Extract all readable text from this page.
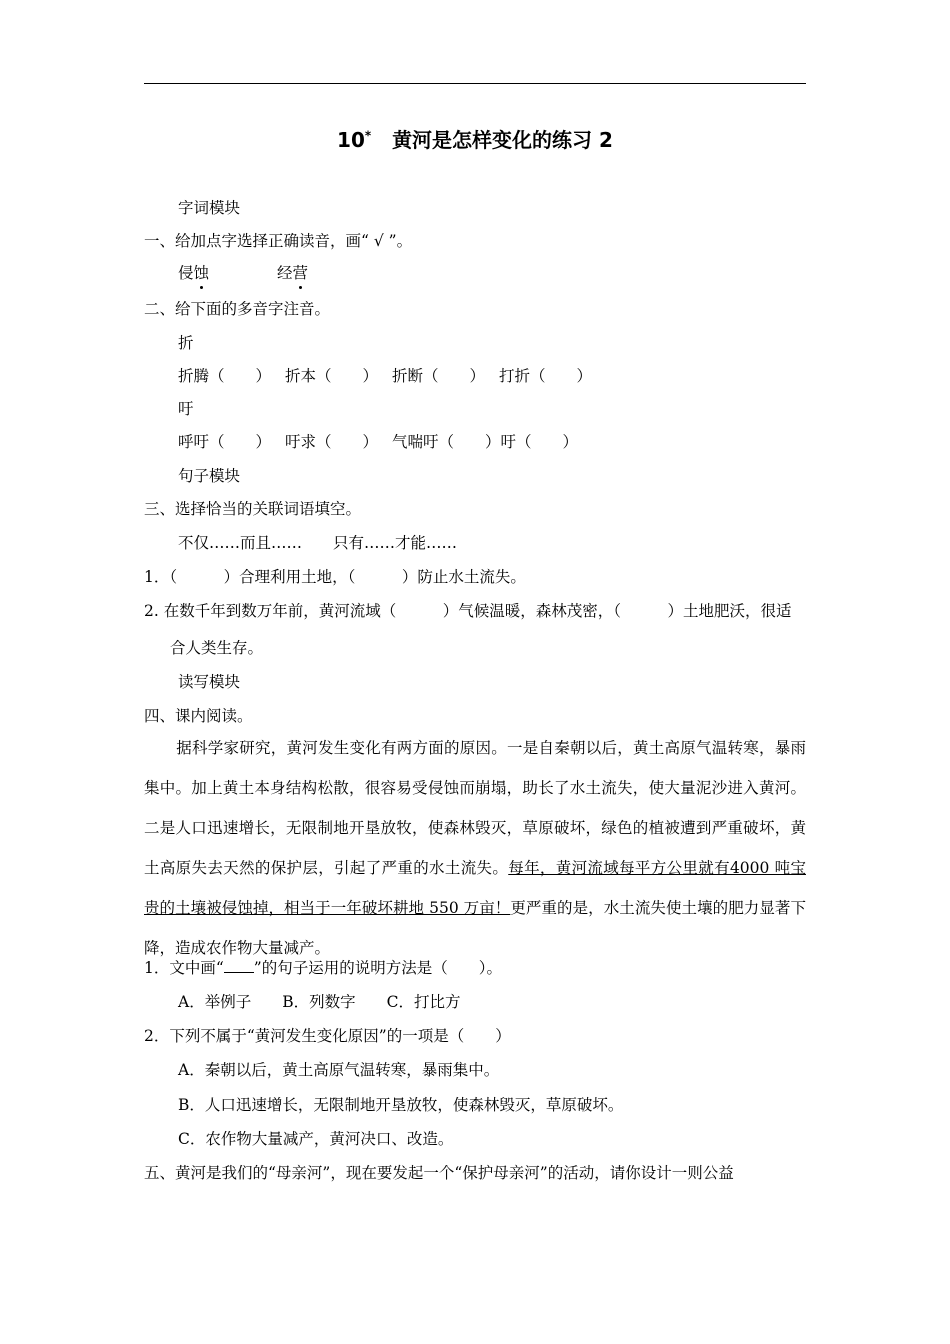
10* 黄河是怎样变化的练习 2
字词模块
一、给加点字选择正确读音，画“ √ ”。
侵蚀	经营
二、给下面的多音字注音。
折
折腾（　　） 折本（　　） 折断（　　） 打折（　　）
吁
呼吁（　　） 吁求（　　） 气喘吁（　　）吁（　　）
句子模块
三、选择恰当的关联词语填空。
不仅……而且……　　只有……才能……
1．（　　　）合理利用土地，（　　　）防止水土流失。
2. 在数千年到数万年前，黄河流域（　　　）气候温暖，森林茂密，（　　　）土地肥沃，很适
合人类生存。
读写模块
四、课内阅读。
据科学家研究，黄河发生变化有两方面的原因。一是自秦朝以后，黄土高原气温转寒，暴雨集中。加上黄土本身结构松散，很容易受侵蚀而崩塌，助长了水土流失，使大量泥沙进入黄河。二是人口迅速增长，无限制地开垦放牧，使森林毁灭，草原破坏，绿色的植被遭到严重破坏，黄土高原失去天然的保护层，引起了严重的水土流失。每年，黄河流域每平方公里就有4000 吨宝贵的土壤被侵蚀掉，相当于一年破坏耕地 550 万亩！更严重的是，水土流失使土壤的肥力显著下降，造成农作物大量减产。
1．文中画“ ”的句子运用的说明方法是（　　）。
A．举例子　　B．列数字　　C．打比方
2．下列不属于“黄河发生变化原因”的一项是（　　）
A．秦朝以后，黄土高原气温转寒，暴雨集中。
B．人口迅速增长，无限制地开垦放牧，使森林毁灭，草原破坏。
C．农作物大量减产，黄河决口、改造。
五、黄河是我们的“母亲河”，现在要发起一个“保护母亲河”的活动，请你设计一则公益
